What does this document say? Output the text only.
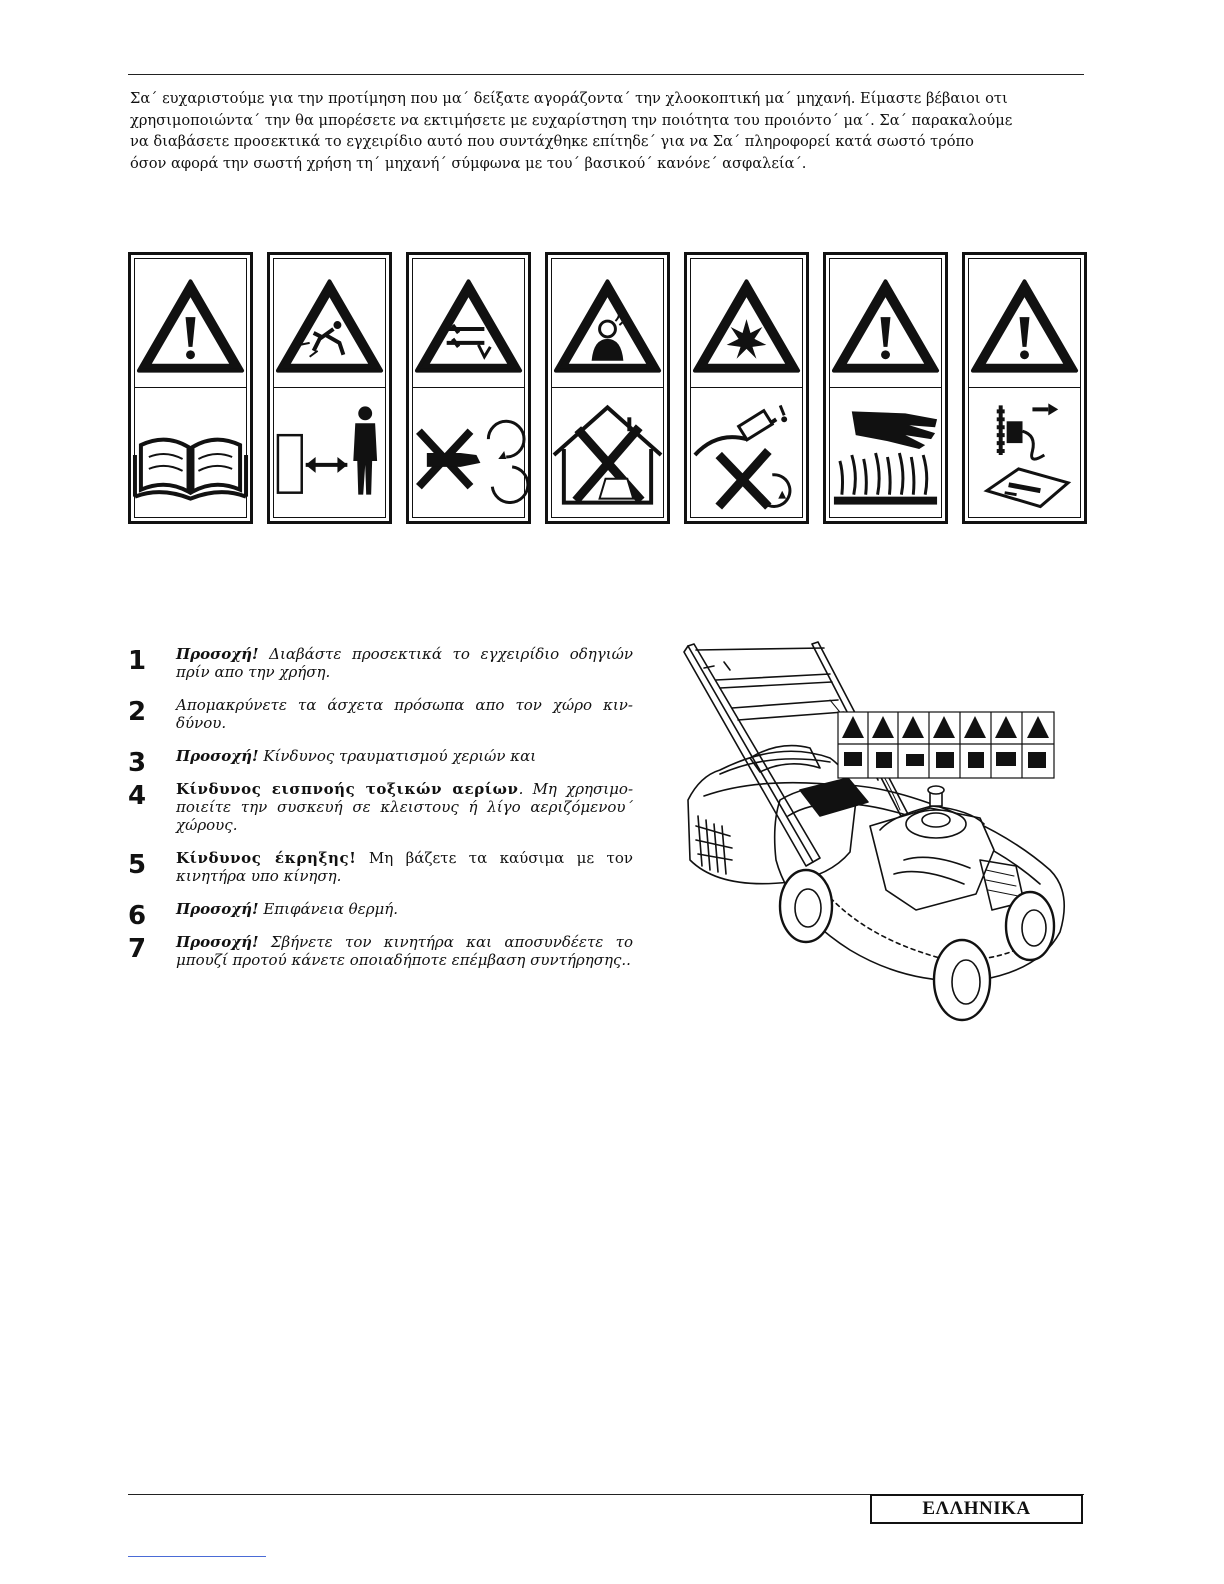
Σα΄ ευχαριστούμε για την προτίμηση που μα΄ δείξατε αγοράζοντα΄ την χλοοκοπτική μα΄ μηχανή. Είμαστε βέβαιοι οτι

χρησιμοποιώντα΄ την θα μπορέσετε να εκτιμήσετε με ευχαρίστηση την ποιότητα του προιόντο΄ μα΄. Σα΄ παρακαλούμε

να διαβάσετε προσεκτικά το εγχειρίδιο αυτό που συντάχθηκε επίτηδε΄ για να Σα΄ πληροφορεί κατά σωστό τρόπο

όσον αφορά την σωστή χρήση τη΄ μηχανή΄ σύμφωνα με του΄ βασικού΄ κανόνε΄ ασφαλεία΄.

1 Προσοχή! Διαβάστε προσεκτικά το εγχειρίδιο οδηγιών πρίν απο την χρήση.
2 Απομακρύνετε τα άσχετα πρόσωπα απο τον χώρο κιν-δύνου.
3 Προσοχή! Κίνδυνος τραυματισμού χεριών και
4 Κίνδυνος εισπνοής τοξικών αερίων. Μη χρησιμο-ποιείτε την συσκευή σε κλειστους ή λίγο αεριζόμενου΄ χώρους.
5 Κίνδυνος έκρηξης! Μη βάζετε τα καύσιμα με τον κινητήρα υπο κίνηση.
6 Προσοχή! Επιφάνεια θερμή.
7 Προσοχή! Σβήνετε τον κινητήρα και αποσυνδέετε το μπουζί προτού κάνετε οποιαδήποτε επέμβαση συντήρησης..
ΕΛΛΗΝΙΚΑ
